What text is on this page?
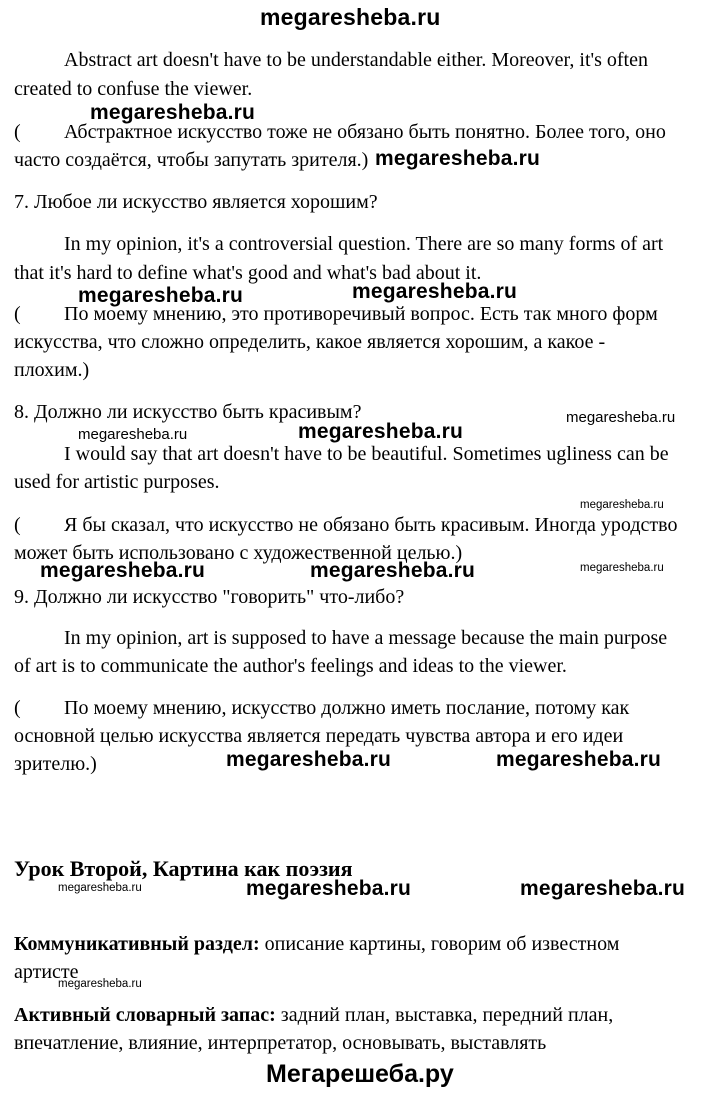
megaresheba.ru
Abstract art doesn't have to be understandable either. Moreover, it's often
created to confuse the viewer.
megaresheba.ru
( Абстрактное искусство тоже не обязано быть понятно. Более того, оно
часто создаётся, чтобы запутать зрителя.) megaresheba.ru
7. Любое ли искусство является хорошим?
In my opinion, it's a controversial question. There are so many forms of art
that it's hard to define what's good and what's bad about it.
megaresheba.ru	megaresheba.ru
( По моему мнению, это противоречивый вопрос. Есть так много форм
искусства, что сложно определить, какое является хорошим, а какое -
плохим.)
8. Должно ли искусство быть красивым?	megaresheba.ru
megaresheba.ru	megaresheba.ru
I would say that art doesn't have to be beautiful. Sometimes ugliness can be
used for artistic purposes.
megaresheba.ru
( Я бы сказал, что искусство не обязано быть красивым. Иногда уродство
может быть использовано с художественной целью.)
megaresheba.ru	megaresheba.ru	megaresheba.ru
9. Должно ли искусство "говорить" что-либо?
In my opinion, art is supposed to have a message because the main purpose
of art is to communicate the author's feelings and ideas to the viewer.
( По моему мнению, искусство должно иметь послание, потому как
основной целью искусства является передать чувства автора и его идеи
зрителю.)	megaresheba.ru	megaresheba.ru
Урок Второй, Картина как поэзия
megaresheba.ru	megaresheba.ru	megaresheba.ru
Коммуникативный раздел: описание картины, говорим об известном
артисте
megaresheba.ru
Активный словарный запас: задний план, выставка, передний план,
впечатление, влияние, интерпретатор, основывать, выставлять
Мегарешеба.ру
